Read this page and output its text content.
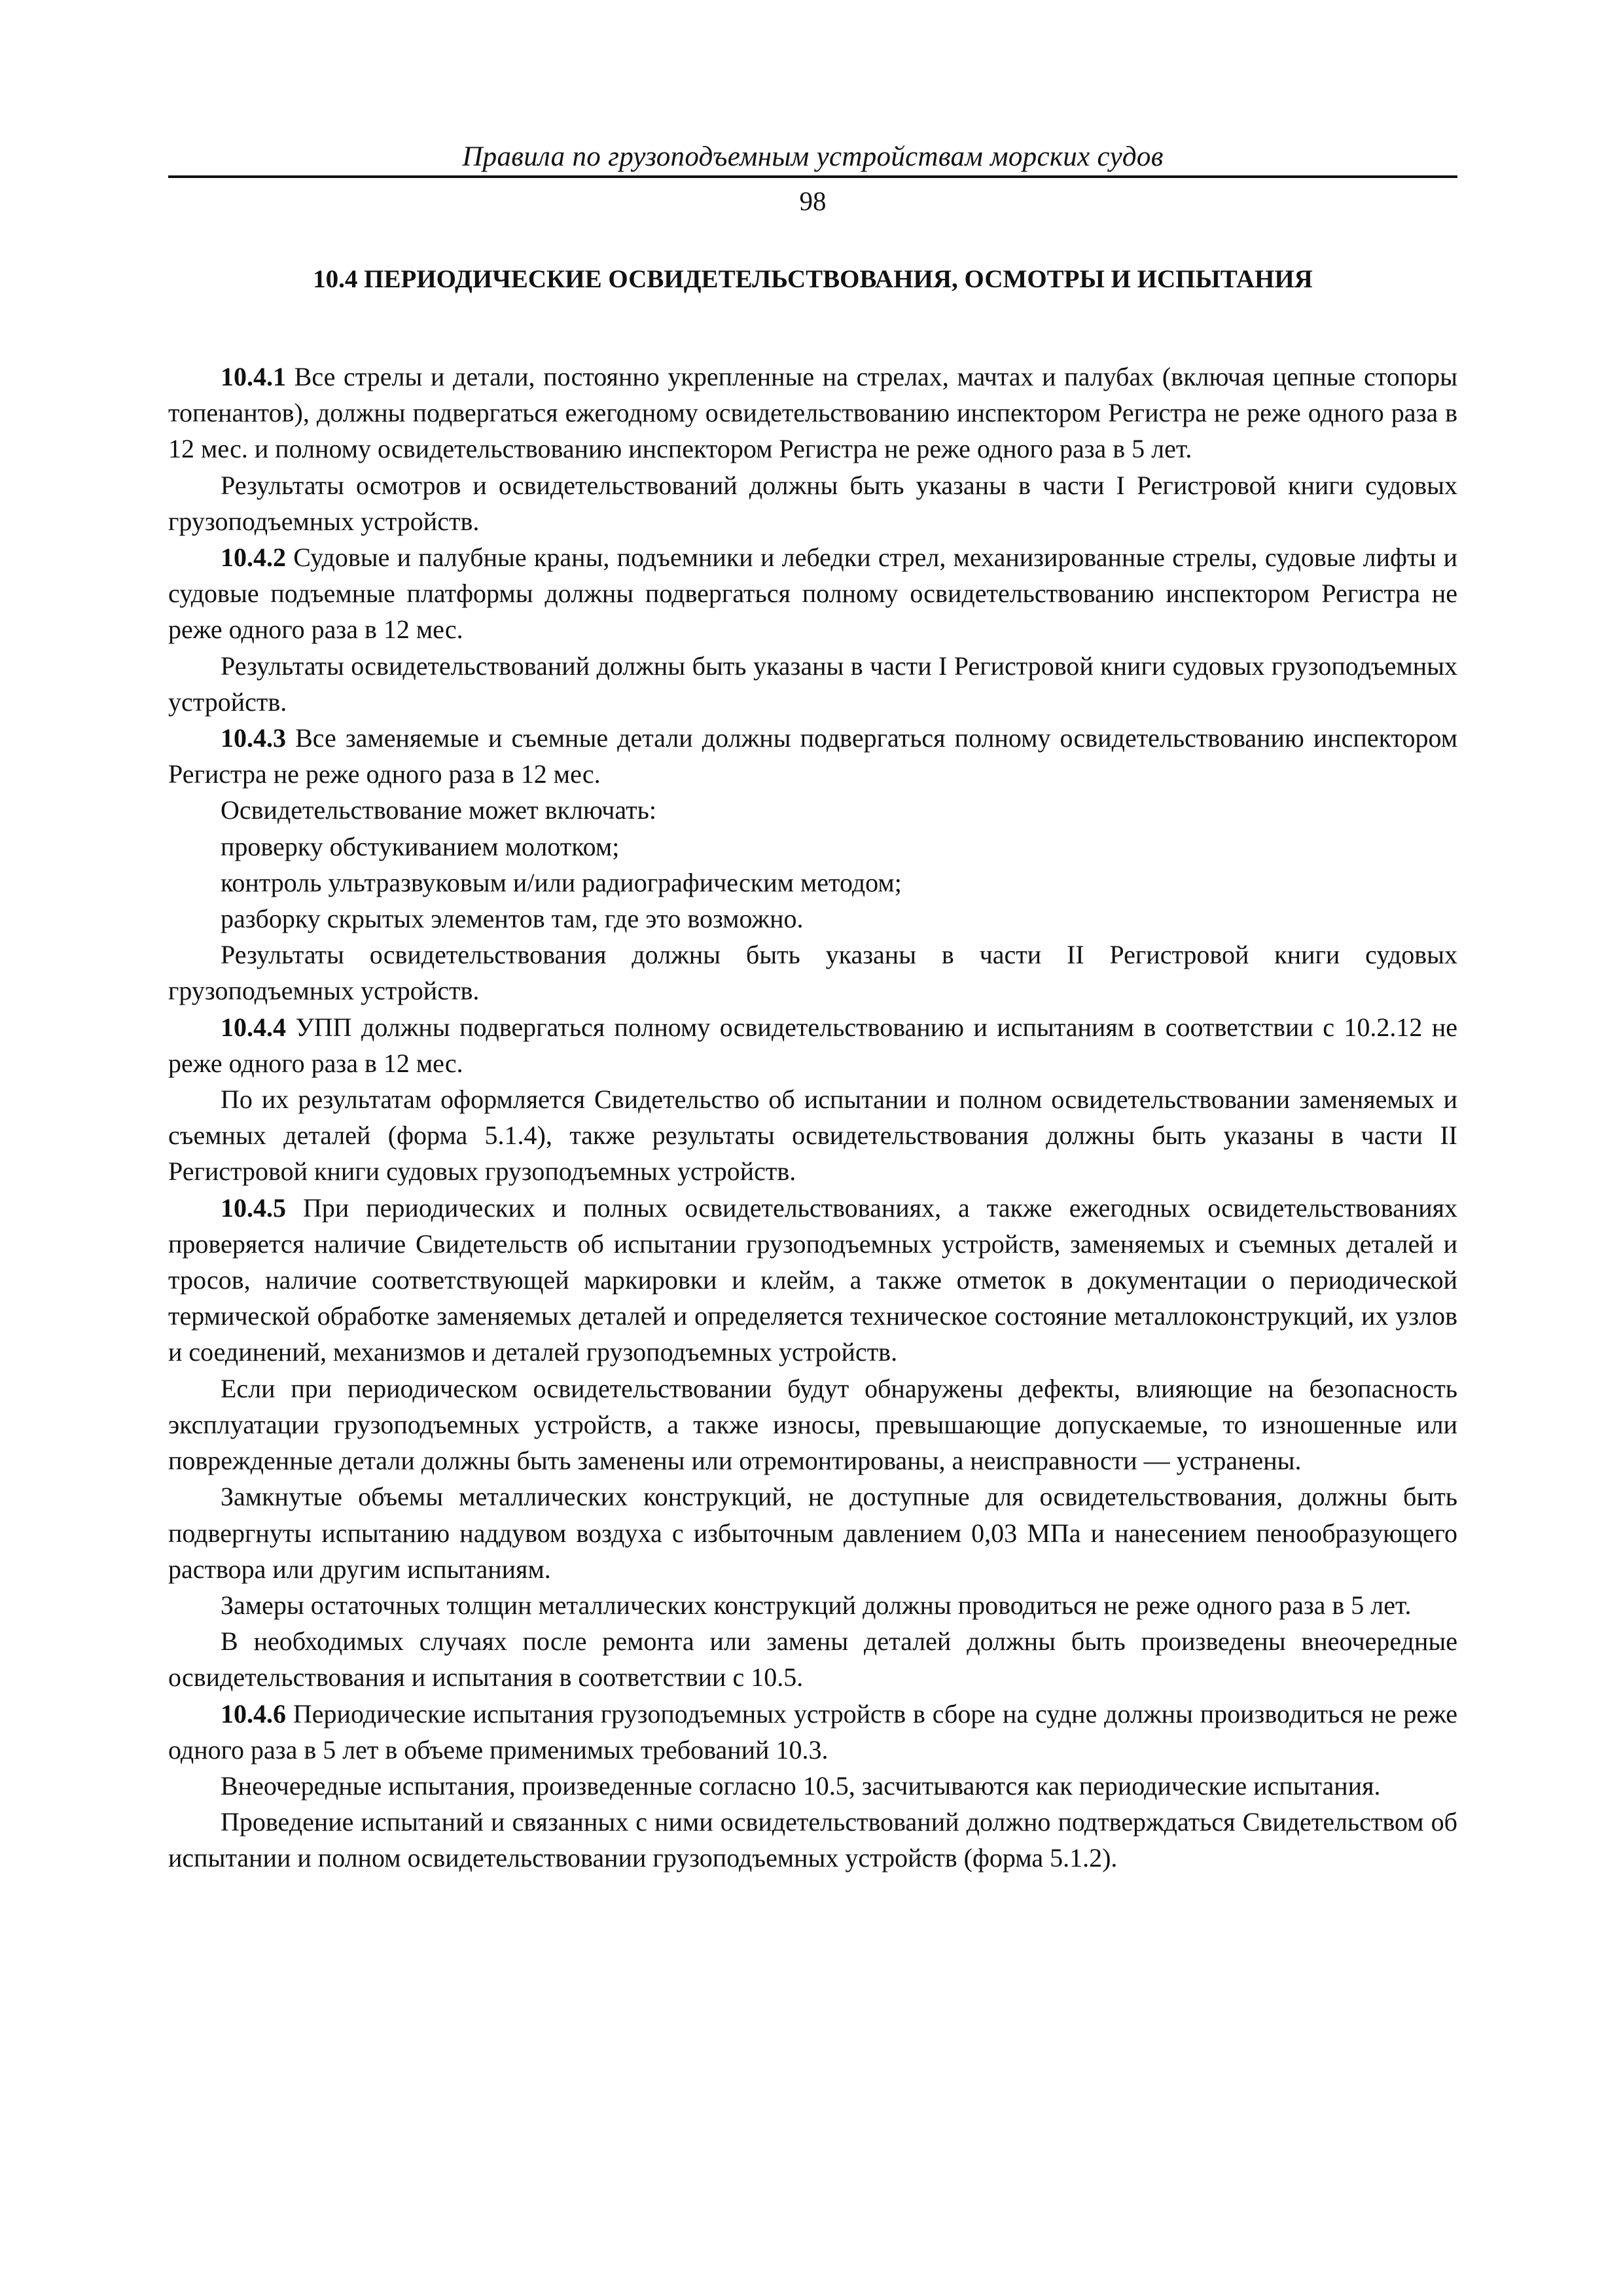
Правила по грузоподъемным устройствам морских судов
98
10.4 ПЕРИОДИЧЕСКИЕ ОСВИДЕТЕЛЬСТВОВАНИЯ, ОСМОТРЫ И ИСПЫТАНИЯ

10.4.1 Все стрелы и детали, постоянно укрепленные на стрелах, мачтах и палубах (включая цепные стопоры топенантов), должны подвергаться ежегодному освидетельствованию инспектором Регистра не реже одного раза в 12 мес. и полному освидетельствованию инспектором Регистра не реже одного раза в 5 лет.

Результаты осмотров и освидетельствований должны быть указаны в части I Регистровой книги судовых грузоподъемных устройств.

10.4.2 Судовые и палубные краны, подъемники и лебедки стрел, механизированные стрелы, судовые лифты и судовые подъемные платформы должны подвергаться полному освидетельствованию инспектором Регистра не реже одного раза в 12 мес.

Результаты освидетельствований должны быть указаны в части I Регистровой книги судовых грузоподъемных устройств.

10.4.3 Все заменяемые и съемные детали должны подвергаться полному освидетельствованию инспектором Регистра не реже одного раза в 12 мес.

Освидетельствование может включать:

проверку обстукиванием молотком;

контроль ультразвуковым и/или радиографическим методом;

разборку скрытых элементов там, где это возможно.

Результаты освидетельствования должны быть указаны в части II Регистровой книги судовых грузоподъемных устройств.

10.4.4 УПП должны подвергаться полному освидетельствованию и испытаниям в соответствии с 10.2.12 не реже одного раза в 12 мес.

По их результатам оформляется Свидетельство об испытании и полном освидетельствовании заменяемых и съемных деталей (форма 5.1.4), также результаты освидетельствования должны быть указаны в части II Регистровой книги судовых грузоподъемных устройств.

10.4.5 При периодических и полных освидетельствованиях, а также ежегодных освидетельствованиях проверяется наличие Свидетельств об испытании грузоподъемных устройств, заменяемых и съемных деталей и тросов, наличие соответствующей маркировки и клейм, а также отметок в документации о периодической термической обработке заменяемых деталей и определяется техническое состояние металлоконструкций, их узлов и соединений, механизмов и деталей грузоподъемных устройств.

Если при периодическом освидетельствовании будут обнаружены дефекты, влияющие на безопасность эксплуатации грузоподъемных устройств, а также износы, превышающие допускаемые, то изношенные или поврежденные детали должны быть заменены или отремонтированы, а неисправности — устранены.

Замкнутые объемы металлических конструкций, не доступные для освидетельствования, должны быть подвергнуты испытанию наддувом воздуха с избыточным давлением 0,03 МПа и нанесением пенообразующего раствора или другим испытаниям.

Замеры остаточных толщин металлических конструкций должны проводиться не реже одного раза в 5 лет.

В необходимых случаях после ремонта или замены деталей должны быть произведены внеочередные освидетельствования и испытания в соответствии с 10.5.

10.4.6 Периодические испытания грузоподъемных устройств в сборе на судне должны производиться не реже одного раза в 5 лет в объеме применимых требований 10.3.

Внеочередные испытания, произведенные согласно 10.5, засчитываются как периодические испытания.

Проведение испытаний и связанных с ними освидетельствований должно подтверждаться Свидетельством об испытании и полном освидетельствовании грузоподъемных устройств (форма 5.1.2).
